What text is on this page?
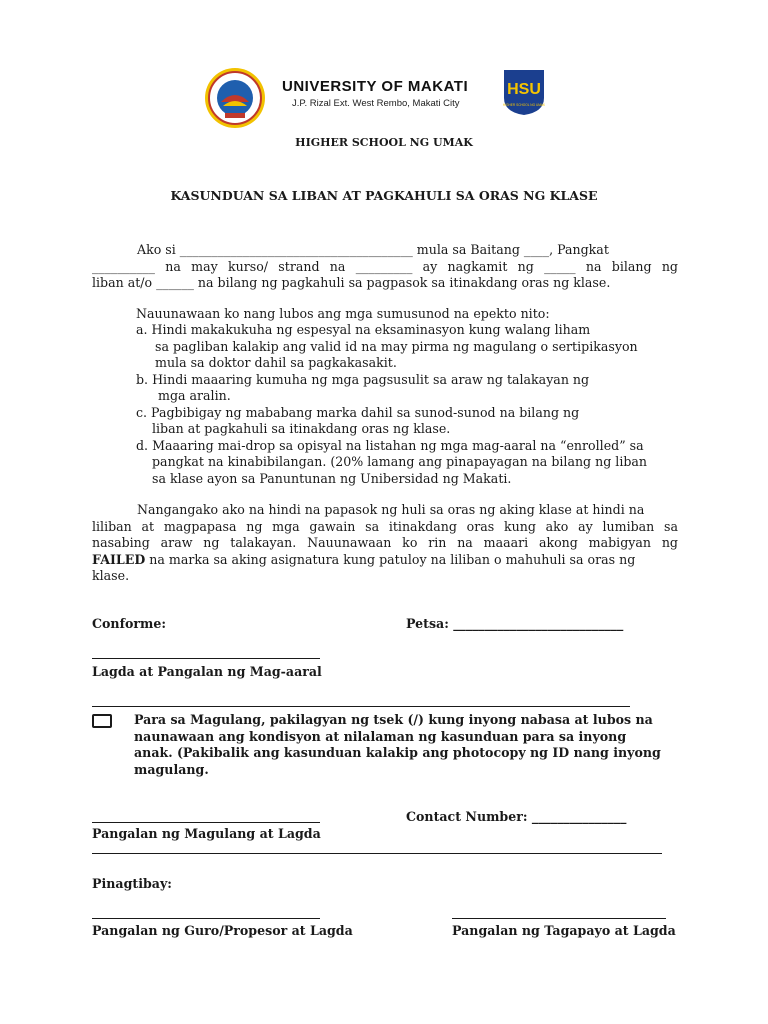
UNIVERSITY OF MAKATI
J.P. Rizal Ext. West Rembo, Makati City
HSU
HIGHER SCHOOL NG UMAK
HIGHER SCHOOL NG UMAK
KASUNDUAN SA LIBAN AT PAGKAHULI SA ORAS NG KLASE
Ako si _____________________________________ mula sa Baitang ____, Pangkat
__________ na may kurso/ strand na _________ ay nagkamit ng _____ na bilang ng
liban at/o ______ na bilang ng pagkahuli sa pagpasok sa itinakdang oras ng klase.
Nauunawaan ko nang lubos ang mga sumusunod na epekto nito:
a. Hindi makakukuha ng espesyal na eksaminasyon kung walang liham
sa pagliban kalakip ang valid id na may pirma ng magulang o sertipikasyon
mula sa doktor dahil sa pagkakasakit.
b. Hindi maaaring kumuha ng mga pagsusulit sa araw ng talakayan ng
mga aralin.
c. Pagbibigay ng mababang marka dahil sa sunod-sunod na bilang ng
liban at pagkahuli sa itinakdang oras ng klase.
d. Maaaring mai-drop sa opisyal na listahan ng mga mag-aaral na “enrolled” sa
pangkat na kinabibilangan. (20% lamang ang pinapayagan na bilang ng liban
sa klase ayon sa Panuntunan ng Unibersidad ng Makati.
Nangangako ako na hindi na papasok ng huli sa oras ng aking klase at hindi na
liliban at magpapasa ng mga gawain sa itinakdang oras kung ako ay lumiban sa
nasabing araw ng talakayan. Nauunawaan ko rin na maaari akong mabigyan ng
FAILED na marka sa aking asignatura kung patuloy na liliban o mahuhuli sa oras ng
klase.
Conforme:	Petsa: ___________________________
Lagda at Pangalan ng Mag-aaral
Para sa Magulang, pakilagyan ng tsek (/) kung inyong nabasa at lubos na
naunawaan ang kondisyon at nilalaman ng kasunduan para sa inyong
anak. (Pakibalik ang kasunduan kalakip ang photocopy ng ID nang inyong
magulang.
Contact Number: _______________
Pangalan ng Magulang at Lagda
Pinagtibay:
Pangalan ng Guro/Propesor at Lagda	Pangalan ng Tagapayo at Lagda
